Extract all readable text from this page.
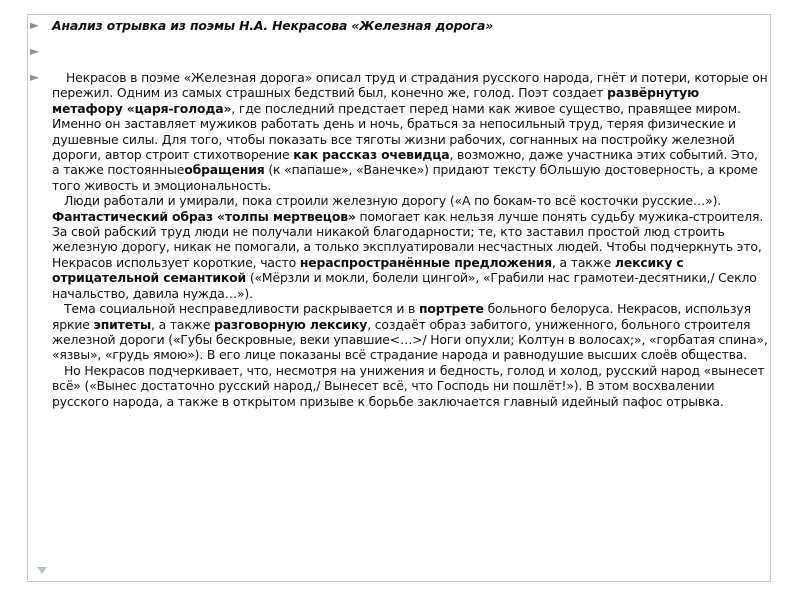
►
►
►

Анализ отрывка из поэмы Н.А. Некрасова «Железная дорога»

Некрасов в поэме «Железная дорога» описал труд и страдания русского народа, гнёт и потери, которые он пережил. Одним из самых страшных бедствий был, конечно же, голод. Поэт создает развёрнутую метафору «царя-голода», где последний предстает перед нами как живое существо, правящее миром. Именно он заставляет мужиков работать день и ночь, браться за непосильный труд, теряя физические и душевные силы. Для того, чтобы показать все тяготы жизни рабочих, согнанных на постройку железной дороги, автор строит стихотворение как рассказ очевидца, возможно, даже участника этих событий. Это, а также постоянныеобращения (к «папаше», «Ванечке») придают тексту бОльшую достоверность, а кроме того живость и эмоциональность.

Люди работали и умирали, пока строили железную дорогу («А по бокам-то всё косточки русские…»). Фантастический образ «толпы мертвецов» помогает как нельзя лучше понять судьбу мужика-строителя. За свой рабский труд люди не получали никакой благодарности; те, кто заставил простой люд строить железную дорогу, никак не помогали, а только эксплуатировали несчастных людей. Чтобы подчеркнуть это, Некрасов использует короткие, часто нераспространённые предложения, а также лексику с отрицательной семантикой («Мёрзли и мокли, болели цингой», «Грабили нас грамотеи-десятники,/ Секло начальство, давила нужда…»).

Тема социальной несправедливости раскрывается и в портрете больного белоруса. Некрасов, используя яркие эпитеты, а также разговорную лексику, создаёт образ забитого, униженного, больного строителя железной дороги («Губы бескровные, веки упавшие<…>/ Ноги опухли; Колтун в волосах;», «горбатая спина», «язвы», «грудь ямою»). В его лице показаны всё страдание народа и равнодушие высших слоёв общества.

Но Некрасов подчеркивает, что, несмотря на унижения и бедность, голод и холод, русский народ «вынесет всё» («Вынес достаточно русский народ,/ Вынесет всё, что Господь ни пошлёт!»). В этом восхвалении русского народа, а также в открытом призыве к борьбе заключается главный идейный пафос отрывка.
